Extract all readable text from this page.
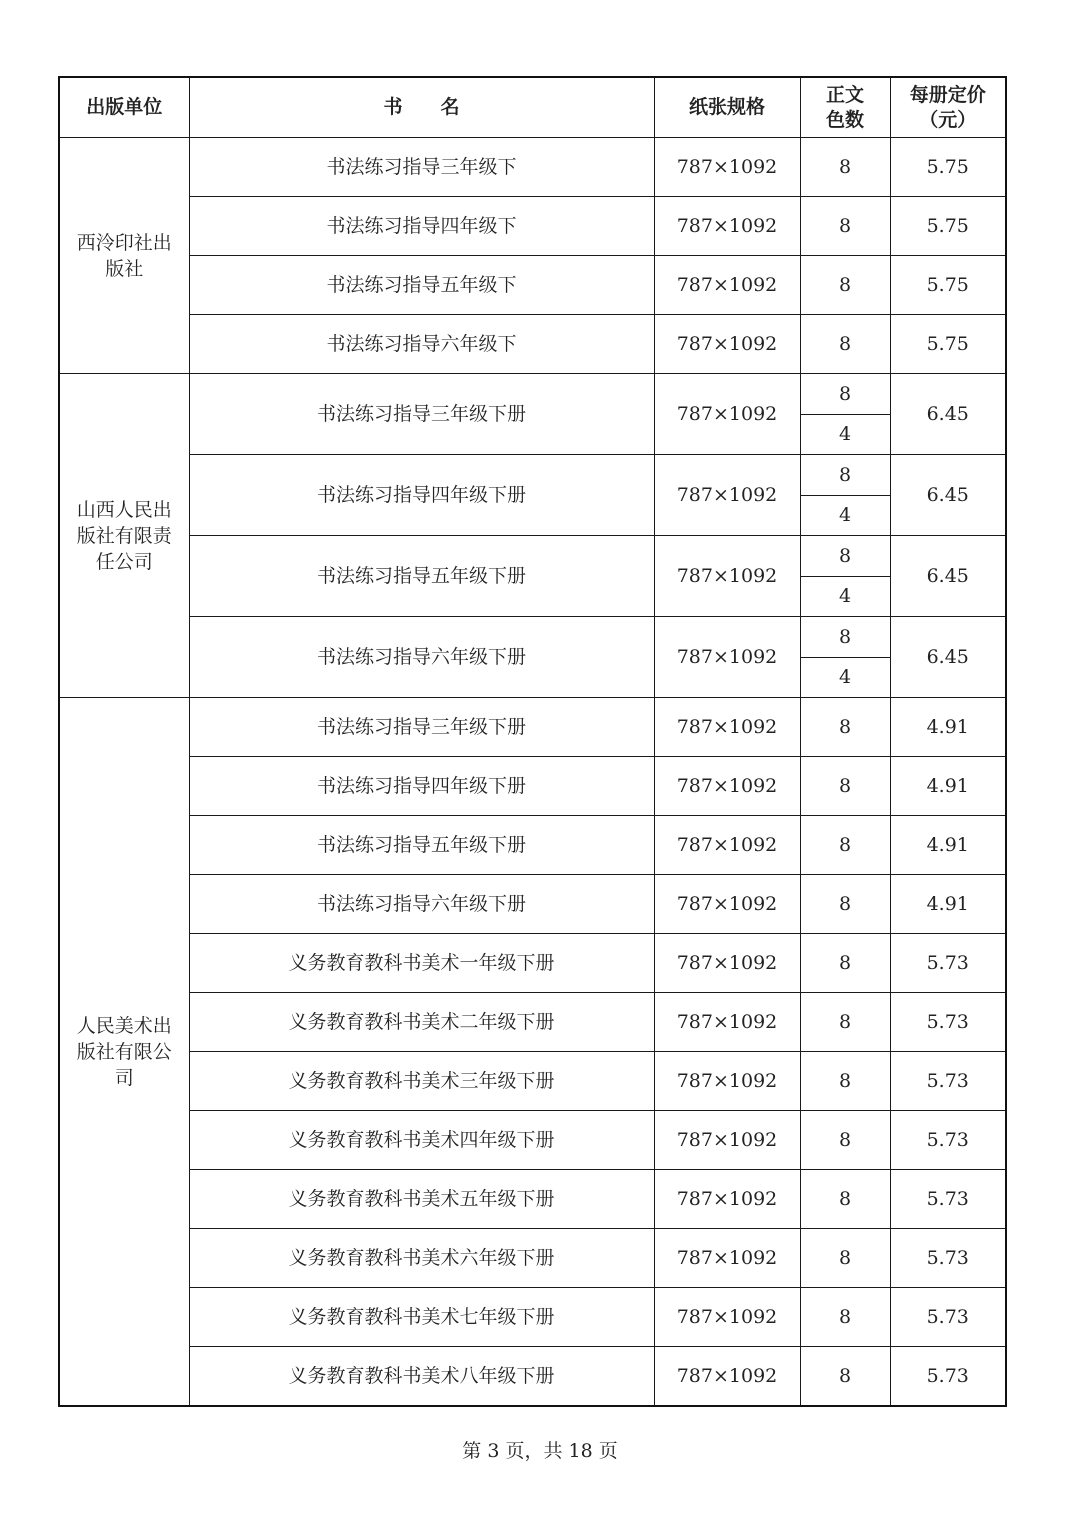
出版单位	书　　名	纸张规格	正文
色数	每册定价
（元）
西泠印社出
版社	书法练习指导三年级下	787×1092	8	5.75
	书法练习指导四年级下	787×1092	8	5.75
	书法练习指导五年级下	787×1092	8	5.75
	书法练习指导六年级下	787×1092	8	5.75
山西人民出
版社有限责
任公司	书法练习指导三年级下册	787×1092	8	6.45
			4	
	书法练习指导四年级下册	787×1092	8	6.45
			4	
	书法练习指导五年级下册	787×1092	8	6.45
			4	
	书法练习指导六年级下册	787×1092	8	6.45
			4	
人民美术出
版社有限公
司	书法练习指导三年级下册	787×1092	8	4.91
	书法练习指导四年级下册	787×1092	8	4.91
	书法练习指导五年级下册	787×1092	8	4.91
	书法练习指导六年级下册	787×1092	8	4.91
	义务教育教科书美术一年级下册	787×1092	8	5.73
	义务教育教科书美术二年级下册	787×1092	8	5.73
	义务教育教科书美术三年级下册	787×1092	8	5.73
	义务教育教科书美术四年级下册	787×1092	8	5.73
	义务教育教科书美术五年级下册	787×1092	8	5.73
	义务教育教科书美术六年级下册	787×1092	8	5.73
	义务教育教科书美术七年级下册	787×1092	8	5.73
	义务教育教科书美术八年级下册	787×1092	8	5.73
第 3 页，共 18 页
